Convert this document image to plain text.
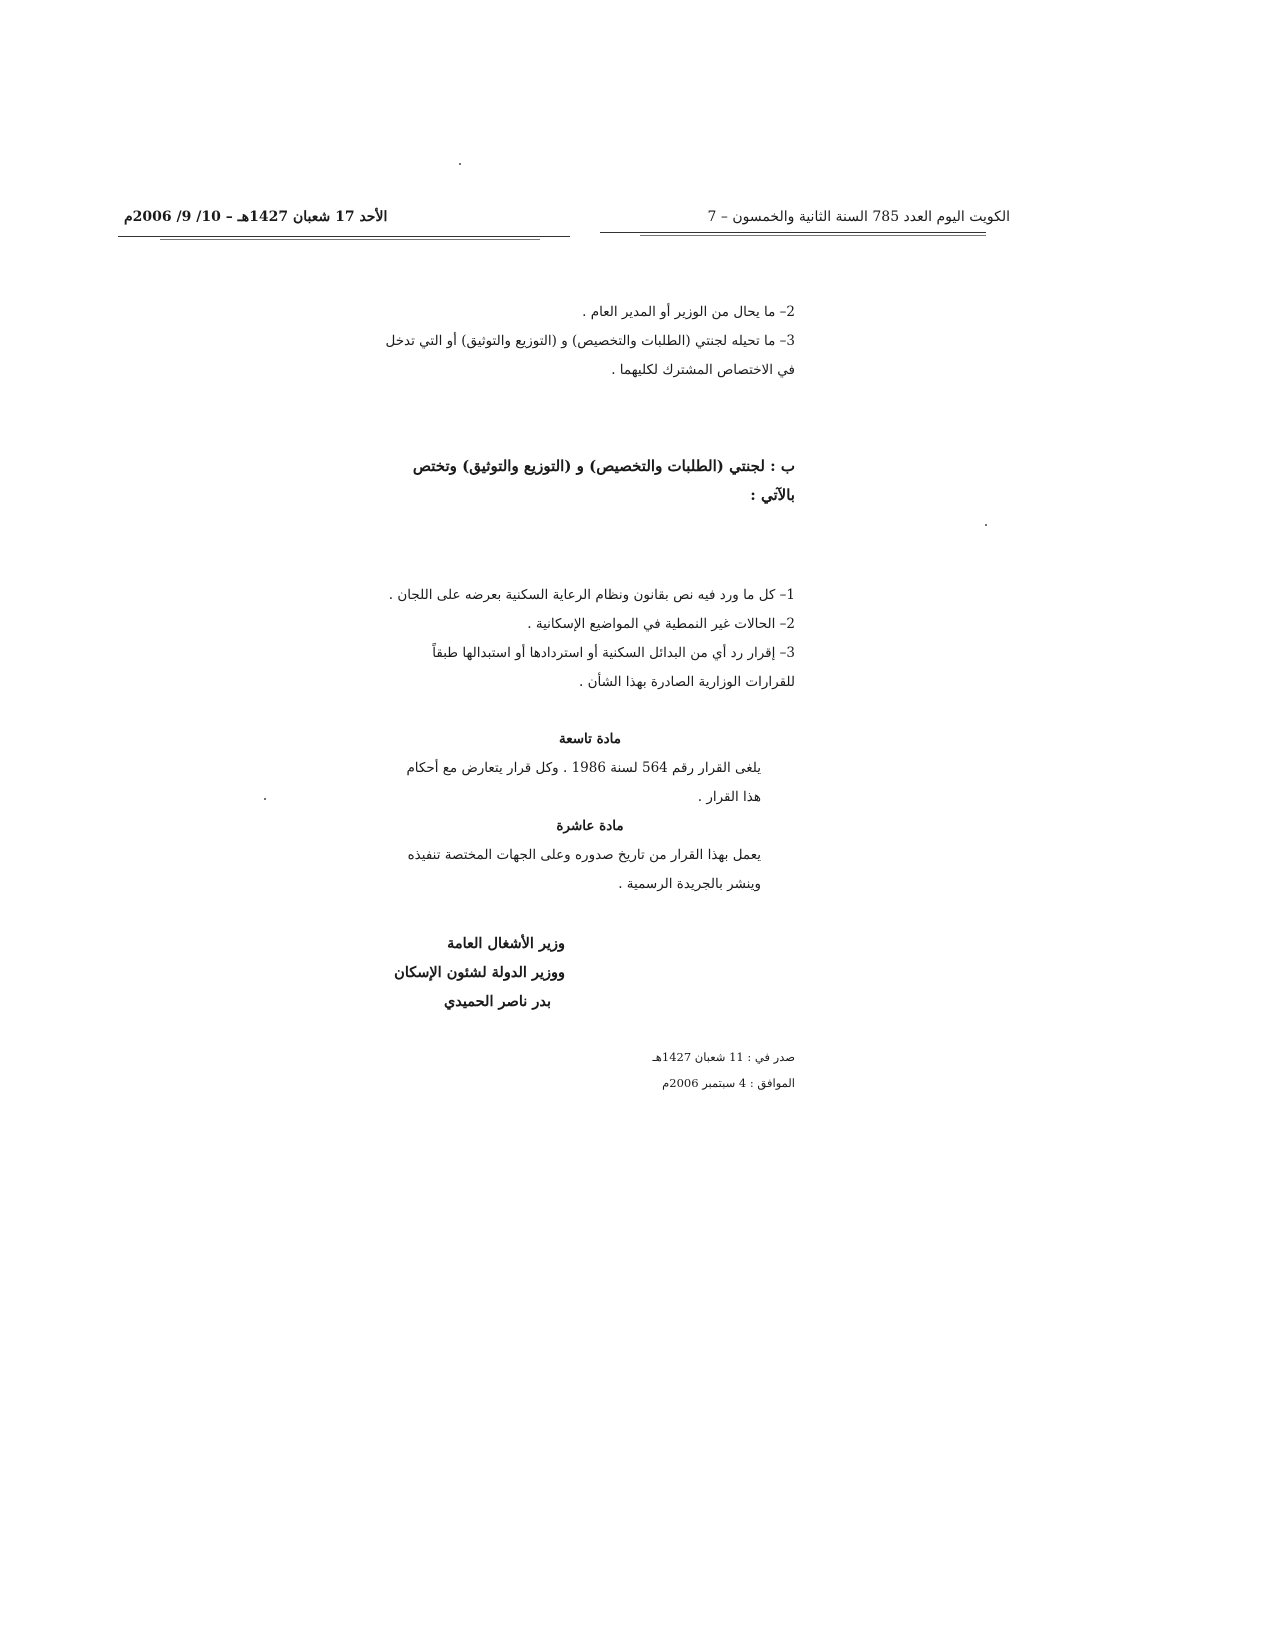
الكويت اليوم العدد 785 السنة الثانية والخمسون – 7
الأحد 17 شعبان 1427هـ – 10/ 9/ 2006م
2– ما يحال من الوزير أو المدير العام .
3– ما تحيله لجنتي (الطلبات والتخصيص) و (التوزيع والتوثيق) أو التي تدخل في الاختصاص المشترك لكليهما .
ب : لجنتي (الطلبات والتخصيص) و (التوزيع والتوثيق) وتختص بالآتي :
1– كل ما ورد فيه نص بقانون ونظام الرعاية السكنية بعرضه على اللجان .
2– الحالات غير النمطية في المواضيع الإسكانية .
3– إقرار رد أي من البدائل السكنية أو استردادها أو استبدالها طبقاً للقرارات الوزارية الصادرة بهذا الشأن .
مادة تاسعة
يلغى القرار رقم 564 لسنة 1986 . وكل قرار يتعارض مع أحكام هذا القرار .
مادة عاشرة
يعمل بهذا القرار من تاريخ صدوره وعلى الجهات المختصة تنفيذه وينشر بالجريدة الرسمية .
وزير الأشغال العامة
ووزير الدولة لشئون الإسكان
بدر ناصر الحميدي
صدر في : 11 شعبان 1427هـ
الموافق : 4 سبتمبر 2006م
